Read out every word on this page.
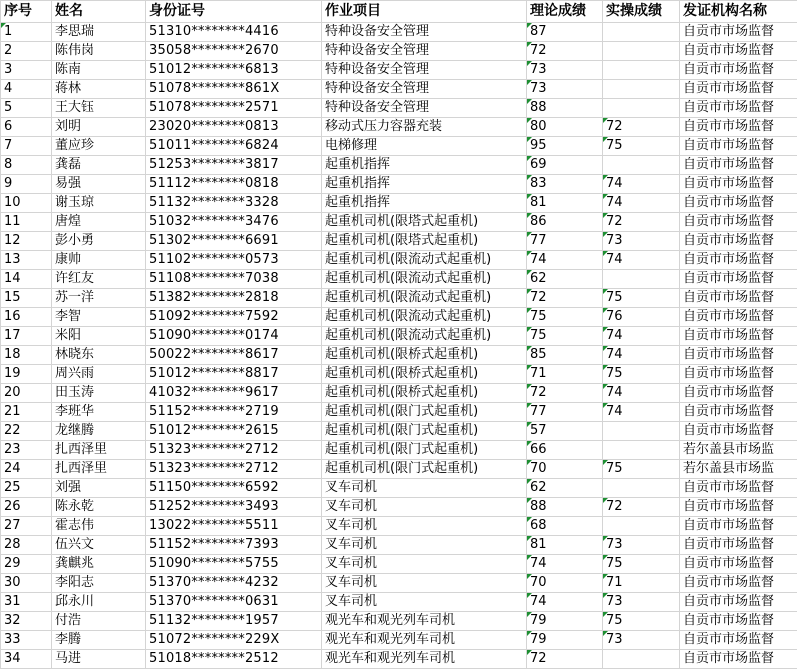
序号	姓名	身份证号	作业项目	理论成绩	实操成绩	发证机构名称
1	李思瑞	51310********4416	特种设备安全管理	87		自贡市市场监督
2	陈伟岗	35058********2670	特种设备安全管理	72		自贡市市场监督
3	陈南	51012********6813	特种设备安全管理	73		自贡市市场监督
4	蒋林	51078********861X	特种设备安全管理	73		自贡市市场监督
5	王大钰	51078********2571	特种设备安全管理	88		自贡市市场监督
6	刘明	23020********0813	移动式压力容器充装	80	72	自贡市市场监督
7	董应珍	51011********6824	电梯修理	95	75	自贡市市场监督
8	龚磊	51253********3817	起重机指挥	69		自贡市市场监督
9	易强	51112********0818	起重机指挥	83	74	自贡市市场监督
10	谢玉琼	51132********3328	起重机指挥	81	74	自贡市市场监督
11	唐煌	51032********3476	起重机司机(限塔式起重机)	86	72	自贡市市场监督
12	彭小勇	51302********6691	起重机司机(限塔式起重机)	77	73	自贡市市场监督
13	康帅	51102********0573	起重机司机(限流动式起重机)	74	74	自贡市市场监督
14	许红友	51108********7038	起重机司机(限流动式起重机)	62		自贡市市场监督
15	苏一洋	51382********2818	起重机司机(限流动式起重机)	72	75	自贡市市场监督
16	李智	51092********7592	起重机司机(限流动式起重机)	75	76	自贡市市场监督
17	米阳	51090********0174	起重机司机(限流动式起重机)	75	74	自贡市市场监督
18	林晓东	50022********8617	起重机司机(限桥式起重机)	85	74	自贡市市场监督
19	周兴雨	51012********8817	起重机司机(限桥式起重机)	71	75	自贡市市场监督
20	田玉涛	41032********9617	起重机司机(限桥式起重机)	72	74	自贡市市场监督
21	李班华	51152********2719	起重机司机(限门式起重机)	77	74	自贡市市场监督
22	龙继腾	51012********2615	起重机司机(限门式起重机)	57		自贡市市场监督
23	扎西泽里	51323********2712	起重机司机(限门式起重机)	66		若尔盖县市场监
24	扎西泽里	51323********2712	起重机司机(限门式起重机)	70	75	若尔盖县市场监
25	刘强	51150********6592	叉车司机	62		自贡市市场监督
26	陈永乾	51252********3493	叉车司机	88	72	自贡市市场监督
27	霍志伟	13022********5511	叉车司机	68		自贡市市场监督
28	伍兴文	51152********7393	叉车司机	81	73	自贡市市场监督
29	龚麒兆	51090********5755	叉车司机	74	75	自贡市市场监督
30	李阳志	51370********4232	叉车司机	70	71	自贡市市场监督
31	邱永川	51370********0631	叉车司机	74	73	自贡市市场监督
32	付浩	51132********1957	观光车和观光列车司机	79	75	自贡市市场监督
33	李腾	51072********229X	观光车和观光列车司机	79	73	自贡市市场监督
34	马进	51018********2512	观光车和观光列车司机	72		自贡市市场监督
